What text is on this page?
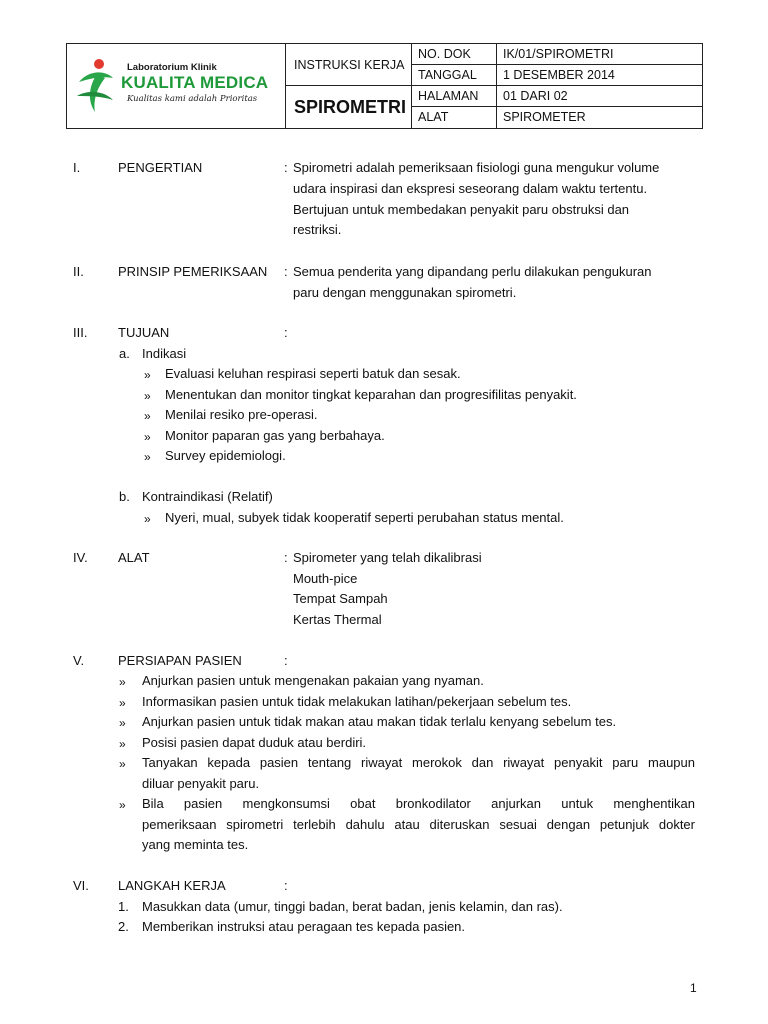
Laboratorium Klinik
KUALITA MEDICA
Kualitas kami adalah Prioritas
INSTRUKSI KERJA
SPIROMETRI
NO. DOK	IK/01/SPIROMETRI
TANGGAL	1 DESEMBER 2014
HALAMAN	01 DARI 02
ALAT	SPIROMETER
I.	PENGERTIAN	: Spirometri adalah pemeriksaan fisiologi guna mengukur volume
udara inspirasi dan ekspresi seseorang dalam waktu tertentu.
Bertujuan untuk membedakan penyakit paru obstruksi dan
restriksi.
II.	PRINSIP PEMERIKSAAN : Semua penderita yang dipandang perlu dilakukan pengukuran
paru dengan menggunakan spirometri.
III. TUJUAN	:
a. Indikasi
» Evaluasi keluhan respirasi seperti batuk dan sesak.
» Menentukan dan monitor tingkat keparahan dan progresifilitas penyakit.
» Menilai resiko pre-operasi.
» Monitor paparan gas yang berbahaya.
» Survey epidemiologi.
b. Kontraindikasi (Relatif)
» Nyeri, mual, subyek tidak kooperatif seperti perubahan status mental.
IV. ALAT	: Spirometer yang telah dikalibrasi
Mouth-pice
Tempat Sampah
Kertas Thermal
V.	PERSIAPAN PASIEN	:
» Anjurkan pasien untuk mengenakan pakaian yang nyaman.
» Informasikan pasien untuk tidak melakukan latihan/pekerjaan sebelum tes.
» Anjurkan pasien untuk tidak makan atau makan tidak terlalu kenyang sebelum tes.
» Posisi pasien dapat duduk atau berdiri.
» Tanyakan kepada pasien tentang riwayat merokok dan riwayat penyakit paru maupun
diluar penyakit paru.
» Bila pasien mengkonsumsi obat bronkodilator anjurkan untuk menghentikan
pemeriksaan spirometri terlebih dahulu atau diteruskan sesuai dengan petunjuk dokter
yang meminta tes.
VI. LANGKAH KERJA	:
1. Masukkan data (umur, tinggi badan, berat badan, jenis kelamin, dan ras).
2. Memberikan instruksi atau peragaan tes kepada pasien.
1
